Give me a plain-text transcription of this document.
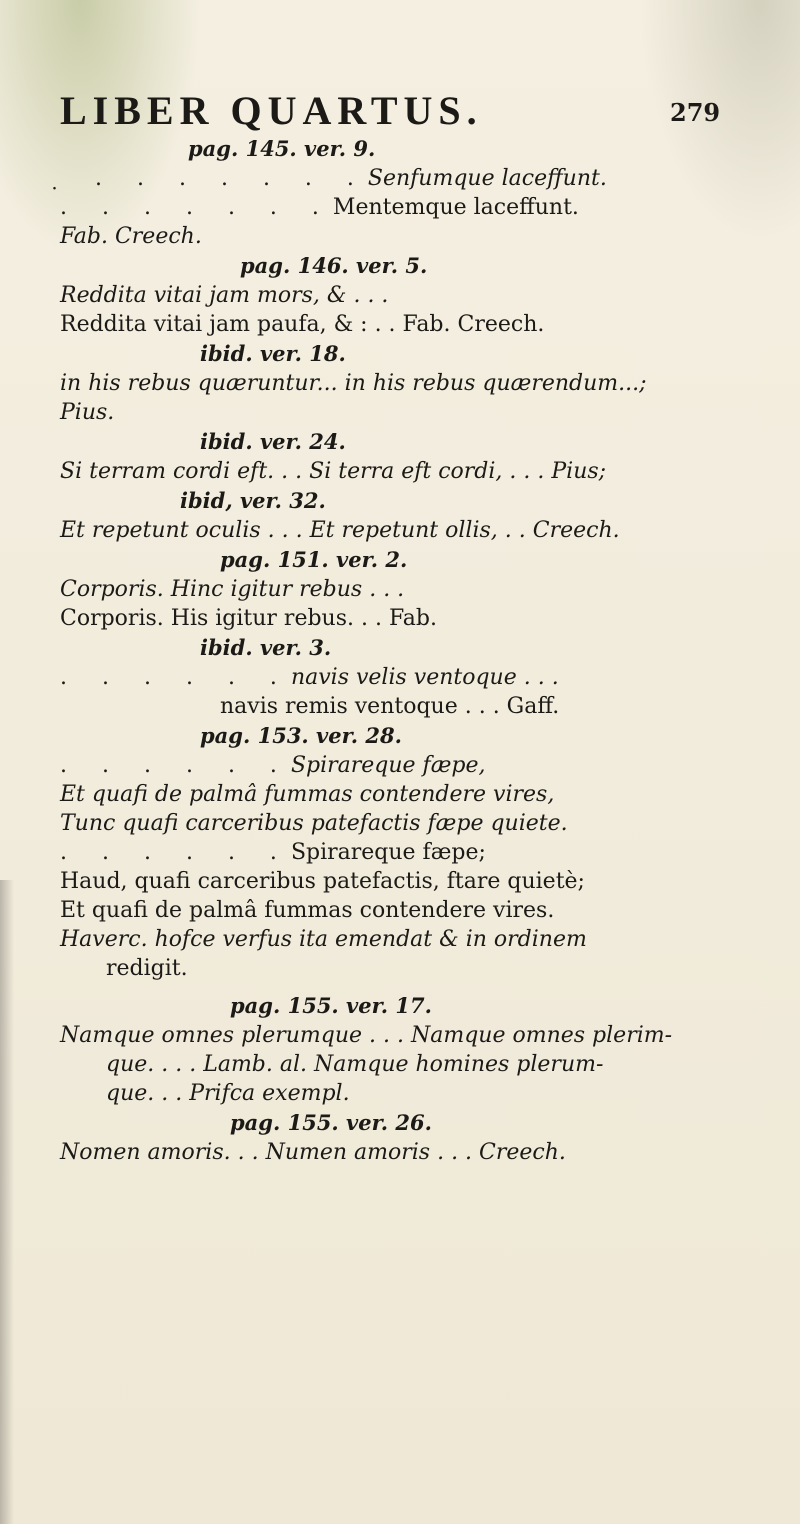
LIBER QUARTUS.	279
pag. 145. ver. 9.
̣ . . . . . . .Senfumque laceffunt.
. . . . . . .Mentemque laceffunt.
Fab. Creech.
pag. 146. ver. 5.
Reddita vitai jam mors, & . . .
Reddita vitai jam paufa, & : . . Fab. Creech.
ibid. ver. 18.
in his rebus quæruntur... in his rebus quærendum...;
Pius.
ibid. ver. 24.
Si terram cordi eft. . . Si terra eft cordi, . . . Pius;
ibid, ver. 32.
Et repetunt oculis . . . Et repetunt ollis, . . Creech.
pag. 151. ver. 2.
Corporis. Hinc igitur rebus . . .
Corporis. His igitur rebus. . . Fab.
ibid. ver. 3.
. . . . . .navis velis ventoque . . .
navis remis ventoque . . . Gaff.
pag. 153. ver. 28.
. . . . . .Spirareque fæpe,
Et quafi de palmâ fummas contendere vires,
Tunc quafi carceribus patefactis fæpe quiete.
. . . . . .Spirareque fæpe;
Haud, quafi carceribus patefactis, ftare quietè;
Et quafi de palmâ fummas contendere vires.
Haverc. hofce verfus ita emendat & in ordinem
redigit.
pag. 155. ver. 17.
Namque omnes plerumque . . . Namque omnes plerim-
que. . . . Lamb. al. Namque homines plerum-
que. . . Prifca exempl.
pag. 155. ver. 26.
Nomen amoris. . . Numen amoris . . . Creech.
